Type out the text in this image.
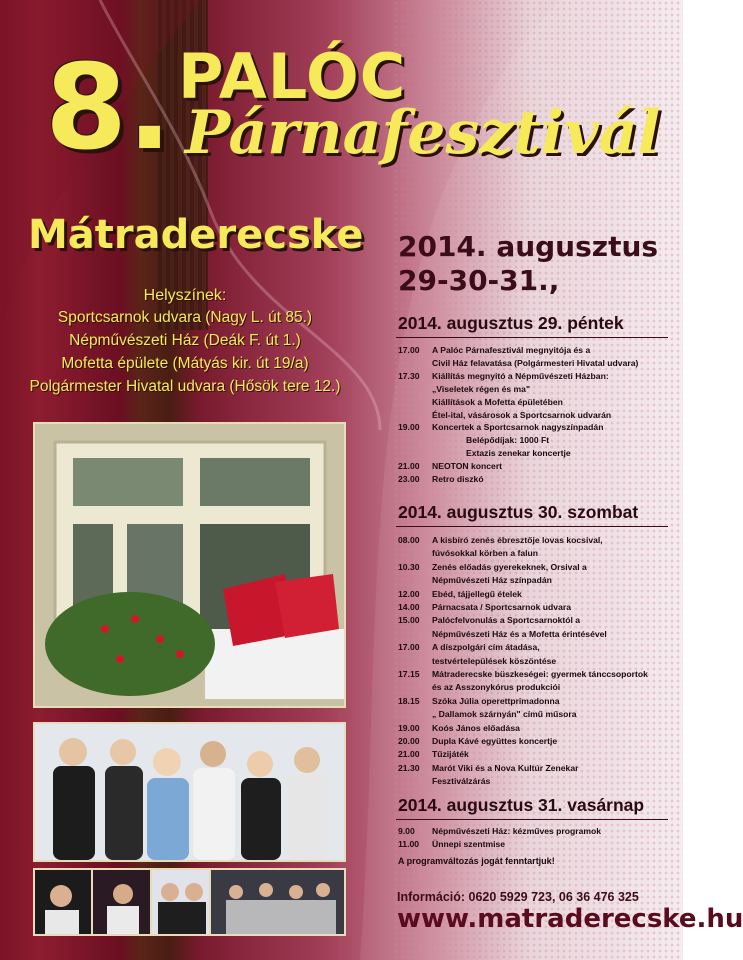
8. PALÓC
Párnafesztivál
Mátraderecske
Helyszínek:
Sportcsarnok udvara (Nagy L. út 85.)
Népművészeti Ház (Deák F. út 1.)
Mofetta épülete (Mátyás kir. út 19/a)
Polgármester Hivatal udvara (Hősök tere 12.)
2014. augusztus
29-30-31.,
2014. augusztus 29. péntek
17.00 A Palóc Párnafesztivál megnyitója és a
Civil Ház felavatása (Polgármesteri Hivatal udvara)
17.30 Kiállítás megnyitó a Népművészeti Házban:
„Viseletek régen és ma"
Kiállítások a Mofetta épületében
Étel-ital, vásárosok a Sportcsarnok udvarán
19.00 Koncertek a Sportcsarnok nagyszínpadán
Belépődíjak: 1000 Ft
Extazis zenekar koncertje
21.00 NEOTON koncert
23.00 Retro diszkó
2014. augusztus 30. szombat
08.00 A kisbíró zenés ébresztője lovas kocsival,
fúvósokkal körben a falun
10.30 Zenés előadás gyerekeknek, Orsival a
Népművészeti Ház színpadán
12.00 Ebéd, tájjellegű ételek
14.00 Párnacsata / Sportcsarnok udvara
15.00 Palócfelvonulás a Sportcsarnoktól a
Népművészeti Ház és a Mofetta érintésével
17.00 A díszpolgári cím átadása,
testvértelepülések köszöntése
17.15 Mátraderecske büszkeségei: gyermek tánccsoportok
és az Asszonykórus produkciói
18.15 Szóka Júlia operettprimadonna
„ Dallamok szárnyán" című műsora
19.00 Koós János előadása
20.00 Dupla Kávé együttes koncertje
21.00 Tűzijáték
21.30 Marót Viki és a Nova Kultúr Zenekar
Fesztiválzárás
2014. augusztus 31. vasárnap
9.00 Népművészeti Ház: kézműves programok
11.00 Ünnepi szentmise
A programváltozás jogát fenntartjuk!
Információ: 0620 5929 723, 06 36 476 325
www.matraderecske.hu
